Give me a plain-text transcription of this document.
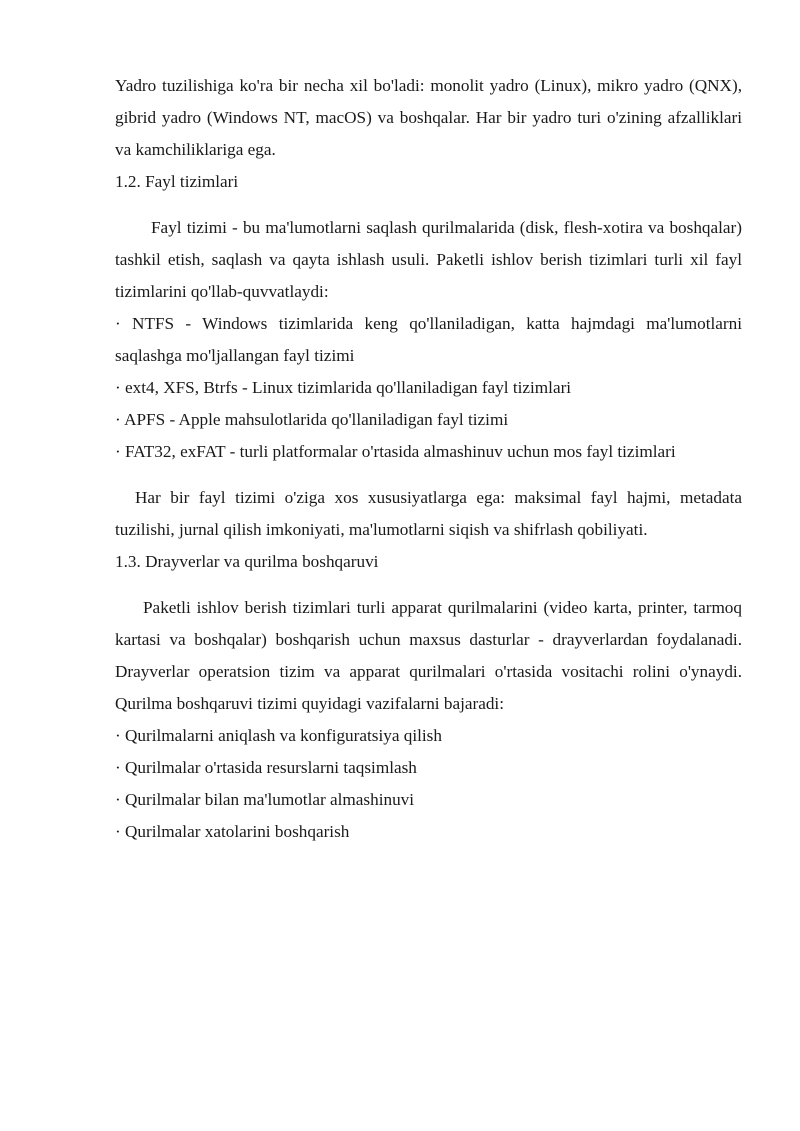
Yadro tuzilishiga ko'ra bir necha xil bo'ladi: monolit yadro (Linux), mikro yadro (QNX), gibrid yadro (Windows NT, macOS) va boshqalar. Har bir yadro turi o'zining afzalliklari va kamchiliklariga ega.

1.2. Fayl tizimlari

Fayl tizimi - bu ma'lumotlarni saqlash qurilmalarida (disk, flesh-xotira va boshqalar) tashkil etish, saqlash va qayta ishlash usuli. Paketli ishlov berish tizimlari turli xil fayl tizimlarini qo'llab-quvvatlaydi:

· NTFS - Windows tizimlarida keng qo'llaniladigan, katta hajmdagi ma'lumotlarni saqlashga mo'ljallangan fayl tizimi

· ext4, XFS, Btrfs - Linux tizimlarida qo'llaniladigan fayl tizimlari

· APFS - Apple mahsulotlarida qo'llaniladigan fayl tizimi

· FAT32, exFAT - turli platformalar o'rtasida almashinuv uchun mos fayl tizimlari

Har bir fayl tizimi o'ziga xos xususiyatlarga ega: maksimal fayl hajmi, metadata tuzilishi, jurnal qilish imkoniyati, ma'lumotlarni siqish va shifrlash qobiliyati.

1.3. Drayverlar va qurilma boshqaruvi

Paketli ishlov berish tizimlari turli apparat qurilmalarini (video karta, printer, tarmoq kartasi va boshqalar) boshqarish uchun maxsus dasturlar - drayverlardan foydalanadi. Drayverlar operatsion tizim va apparat qurilmalari o'rtasida vositachi rolini o'ynaydi. Qurilma boshqaruvi tizimi quyidagi vazifalarni bajaradi:

· Qurilmalarni aniqlash va konfiguratsiya qilish

· Qurilmalar o'rtasida resurslarni taqsimlash

· Qurilmalar bilan ma'lumotlar almashinuvi

· Qurilmalar xatolarini boshqarish
